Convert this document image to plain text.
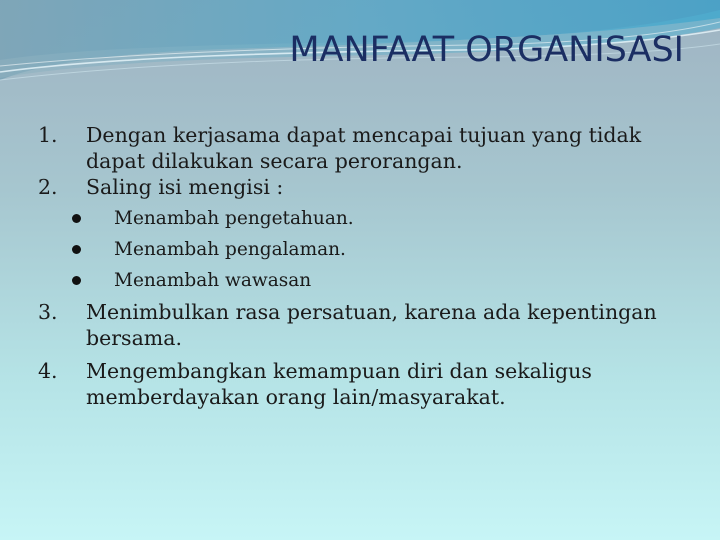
MANFAAT ORGANISASI
1.	Dengan kerjasama dapat mencapai tujuan yang tidak dapat dilakukan secara perorangan.
2.	Saling isi mengisi :
Menambah pengetahuan.
Menambah pengalaman.
Menambah wawasan
3.	Menimbulkan rasa persatuan, karena ada kepentingan bersama.
4.	Mengembangkan kemampuan diri dan sekaligus memberdayakan orang lain/masyarakat.
